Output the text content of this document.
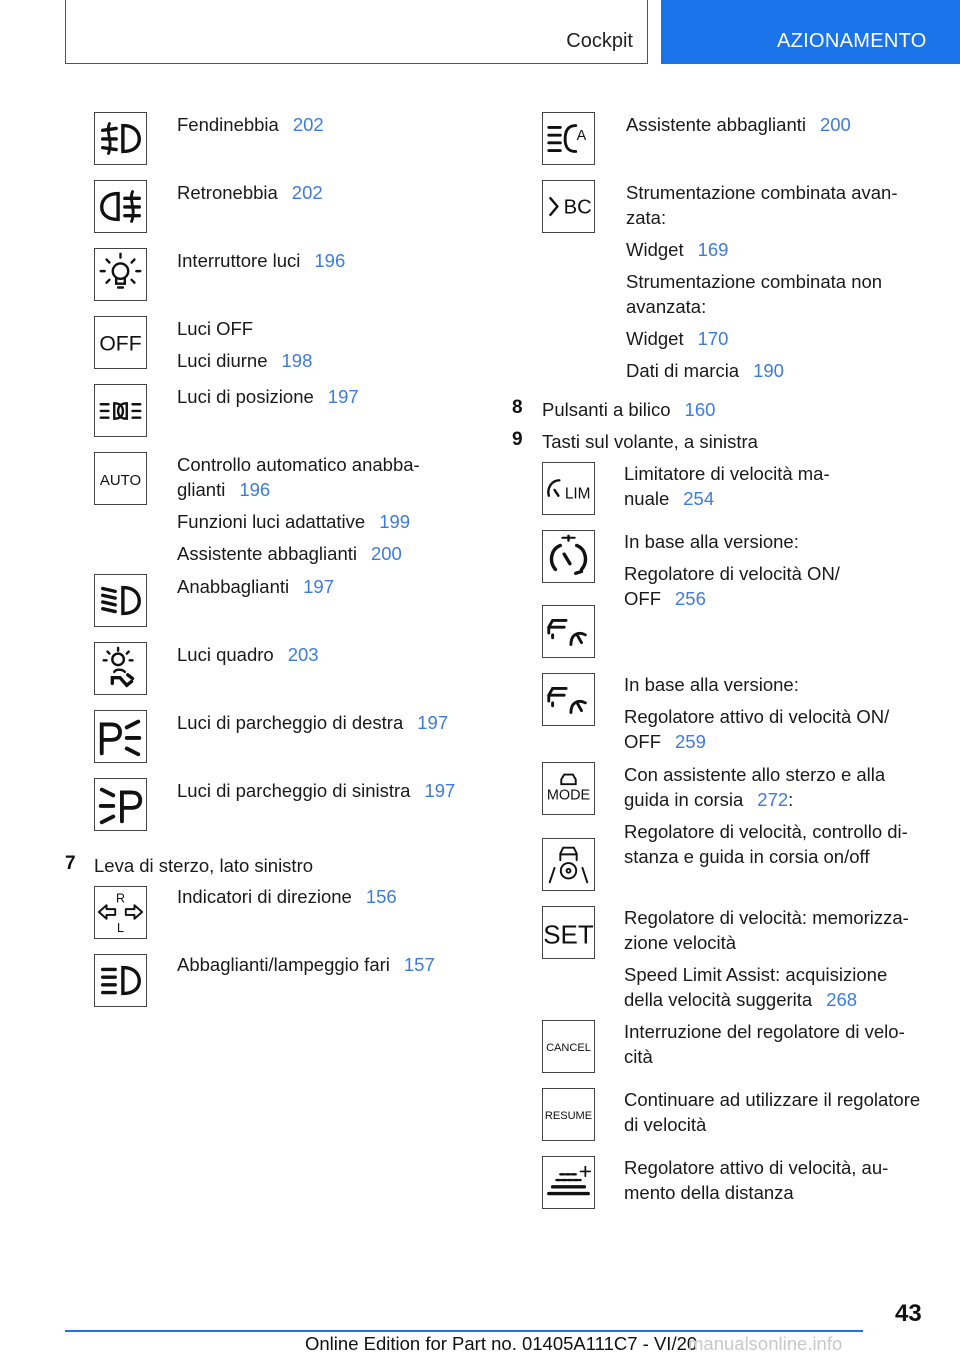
Cockpit	AZIONAMENTO
Fendinebbia 202
Retronebbia 202
Interruttore luci 196
OFF
Luci OFF
Luci diurne 198
Luci di posizione 197
AUTO
Controllo automatico anabba-
glianti 196
Funzioni luci adattative 199
Assistente abbaglianti 200
Anabbaglianti 197
Luci quadro 203
Luci di parcheggio di destra 197
Luci di parcheggio di sinistra 197
7 Leva di sterzo, lato sinistro
R
L
Indicatori di direzione 156
Abbaglianti/lampeggio fari 157
A
Assistente abbaglianti 200
BC
Strumentazione combinata avan-
zata:
Widget 169
Strumentazione combinata non
avanzata:
Widget 170
Dati di marcia 190
8 Pulsanti a bilico 160
9 Tasti sul volante, a sinistra
LIM
Limitatore di velocità ma-
nuale 254
In base alla versione:
Regolatore di velocità ON/
OFF 256
In base alla versione:
Regolatore attivo di velocità ON/
OFF 259
MODE
Con assistente allo sterzo e alla
guida in corsia 272:
Regolatore di velocità, controllo di-
stanza e guida in corsia on/off
SET
Regolatore di velocità: memorizza-
zione velocità
Speed Limit Assist: acquisizione
della velocità suggerita 268
CANCEL
Interruzione del regolatore di velo-
cità
RESUME
Continuare ad utilizzare il regolatore
di velocità
Regolatore attivo di velocità, au-
mento della distanza
43
Online Edition for Part no. 01405A111C7 - VI/20
manualsonline.info
